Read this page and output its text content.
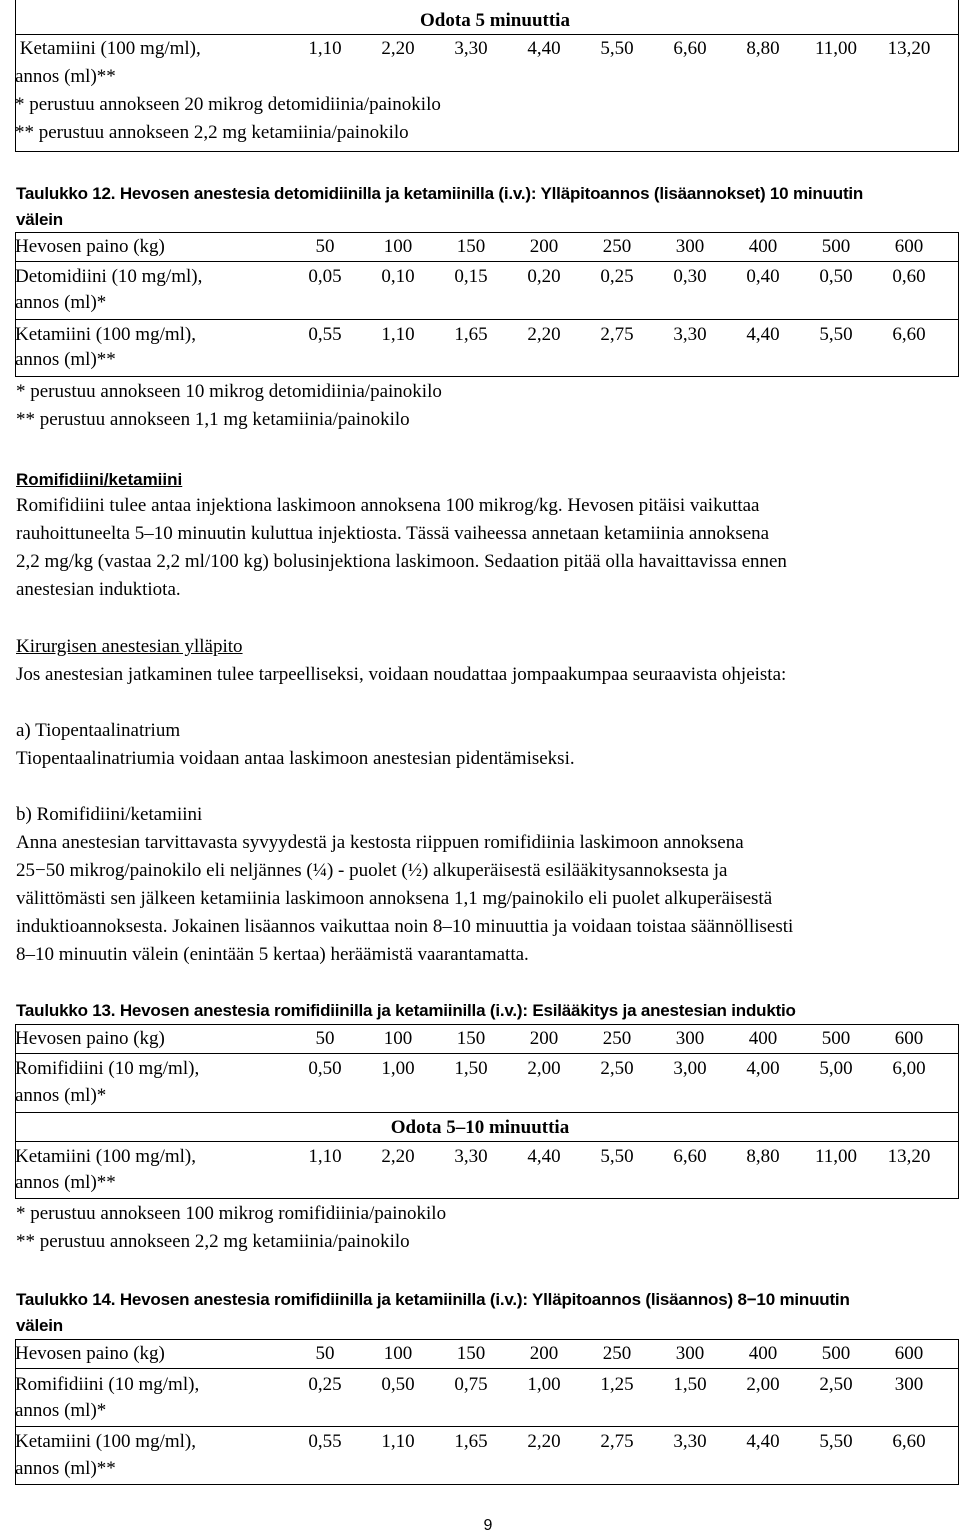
Odota 5 minuuttia
Ketamiini (100 mg/ml),	1,10	2,20	3,30	4,40	5,50	6,60	8,80	11,00	13,20
annos (ml)**
* perustuu annokseen 20 mikrog detomidiinia/painokilo
** perustuu annokseen 2,2 mg ketamiinia/painokilo
Taulukko 12. Hevosen anestesia detomidiinilla ja ketamiinilla (i.v.): Ylläpitoannos (lisäannokset) 10 minuutin
välein
Hevosen paino (kg)	50	100	150	200	250	300	400	500	600
Detomidiini (10 mg/ml),	0,05	0,10	0,15	0,20	0,25	0,30	0,40	0,50	0,60
annos (ml)*
Ketamiini (100 mg/ml),	0,55	1,10	1,65	2,20	2,75	3,30	4,40	5,50	6,60
annos (ml)**
* perustuu annokseen 10 mikrog detomidiinia/painokilo
** perustuu annokseen 1,1 mg ketamiinia/painokilo
Romifidiini/ketamiini
Romifidiini tulee antaa injektiona laskimoon annoksena 100 mikrog/kg. Hevosen pitäisi vaikuttaa
rauhoittuneelta 5–10 minuutin kuluttua injektiosta. Tässä vaiheessa annetaan ketamiinia annoksena
2,2 mg/kg (vastaa 2,2 ml/100 kg) bolusinjektiona laskimoon. Sedaation pitää olla havaittavissa ennen
anestesian induktiota.
Kirurgisen anestesian ylläpito
Jos anestesian jatkaminen tulee tarpeelliseksi, voidaan noudattaa jompaakumpaa seuraavista ohjeista:
a) Tiopentaalinatrium
Tiopentaalinatriumia voidaan antaa laskimoon anestesian pidentämiseksi.
b) Romifidiini/ketamiini
Anna anestesian tarvittavasta syvyydestä ja kestosta riippuen romifidiinia laskimoon annoksena
25−50 mikrog/painokilo eli neljännes (¼) - puolet (½) alkuperäisestä esilääkitysannoksesta ja
välittömästi sen jälkeen ketamiinia laskimoon annoksena 1,1 mg/painokilo eli puolet alkuperäisestä
induktioannoksesta. Jokainen lisäannos vaikuttaa noin 8–10 minuuttia ja voidaan toistaa säännöllisesti
8–10 minuutin välein (enintään 5 kertaa) heräämistä vaarantamatta.
Taulukko 13. Hevosen anestesia romifidiinilla ja ketamiinilla (i.v.): Esilääkitys ja anestesian induktio
Hevosen paino (kg)	50	100	150	200	250	300	400	500	600
Romifidiini (10 mg/ml),	0,50	1,00	1,50	2,00	2,50	3,00	4,00	5,00	6,00
annos (ml)*
Odota 5–10 minuuttia
Ketamiini (100 mg/ml),	1,10	2,20	3,30	4,40	5,50	6,60	8,80	11,00	13,20
annos (ml)**
* perustuu annokseen 100 mikrog romifidiinia/painokilo
** perustuu annokseen 2,2 mg ketamiinia/painokilo
Taulukko 14. Hevosen anestesia romifidiinilla ja ketamiinilla (i.v.): Ylläpitoannos (lisäannos) 8−10 minuutin
välein
Hevosen paino (kg)	50	100	150	200	250	300	400	500	600
Romifidiini (10 mg/ml),	0,25	0,50	0,75	1,00	1,25	1,50	2,00	2,50	300
annos (ml)*
Ketamiini (100 mg/ml),	0,55	1,10	1,65	2,20	2,75	3,30	4,40	5,50	6,60
annos (ml)**
9
